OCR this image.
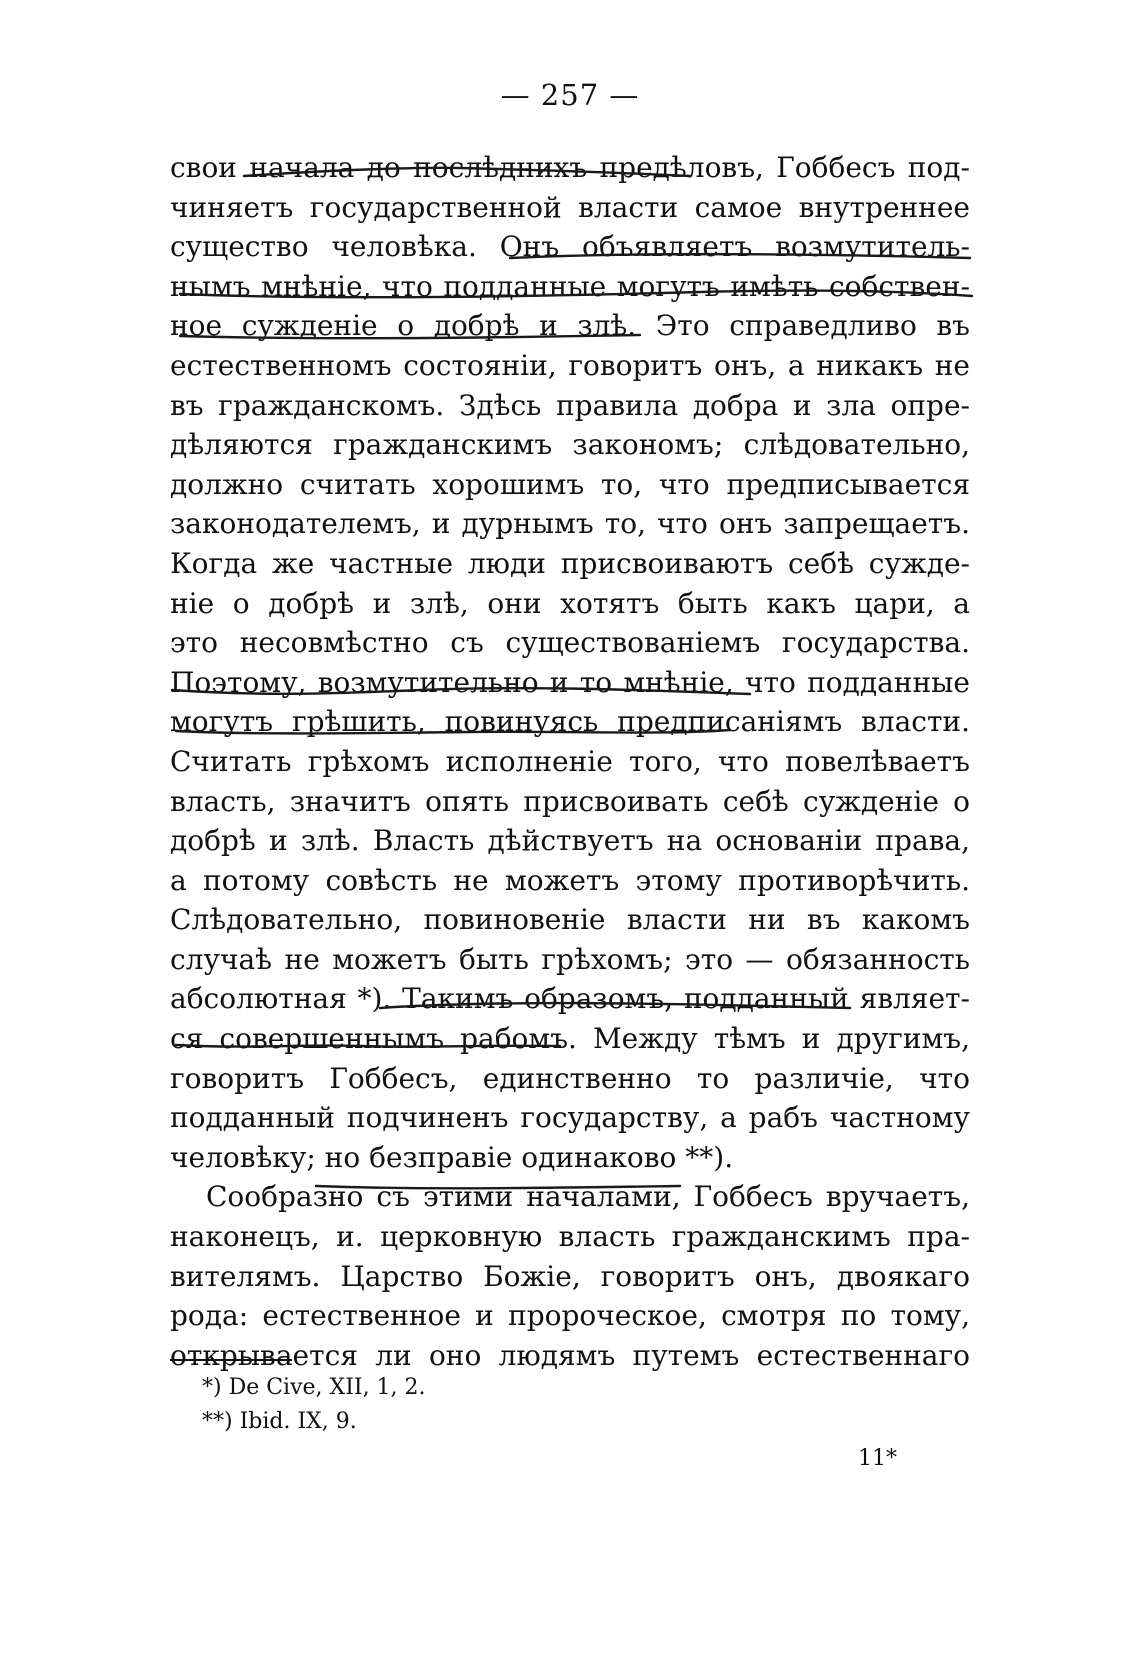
— 257 —
свои начала до послѣднихъ предѣловъ, Гоббесъ под-
чиняетъ государственной власти самое внутреннее
существо человѣка. Онъ объявляетъ возмутитель-
нымъ мнѣніе, что подданные могутъ имѣть собствен-
ное сужденіе о добрѣ и злѣ. Это справедливо въ
естественномъ состояніи, говоритъ онъ, а никакъ не
въ гражданскомъ. Здѣсь правила добра и зла опре-
дѣляются гражданскимъ закономъ; слѣдовательно,
должно считать хорошимъ то, что предписывается
законодателемъ, и дурнымъ то, что онъ запрещаетъ.
Когда же частные люди присвоиваютъ себѣ сужде-
ніе о добрѣ и злѣ, они хотятъ быть какъ цари, а
это несовмѣстно съ существованіемъ государства.
Поэтому, возмутительно и то мнѣніе, что подданные
могутъ грѣшить, повинуясь предписаніямъ власти.
Считать грѣхомъ исполненіе того, что повелѣваетъ
власть, значитъ опять присвоивать себѣ сужденіе о
добрѣ и злѣ. Власть дѣйствуетъ на основаніи права,
а потому совѣсть не можетъ этому противорѣчить.
Слѣдовательно, повиновеніе власти ни въ какомъ
случаѣ не можетъ быть грѣхомъ; это — обязанность
абсолютная *). Такимъ образомъ, подданный являет-
ся совершеннымъ рабомъ. Между тѣмъ и другимъ,
говоритъ Гоббесъ, единственно то различіе, что
подданный подчиненъ государству, а рабъ частному
человѣку; но безправіе одинаково **).
Сообразно съ этими началами, Гоббесъ вручаетъ,
наконецъ, и. церковную власть гражданскимъ пра-
вителямъ. Царство Божіе, говоритъ онъ, двоякаго
рода: естественное и пророческое, смотря по тому,
открывается ли оно людямъ путемъ естественнаго
*) De Cive, XII, 1, 2.
**) Ibid. IX, 9.
11*
